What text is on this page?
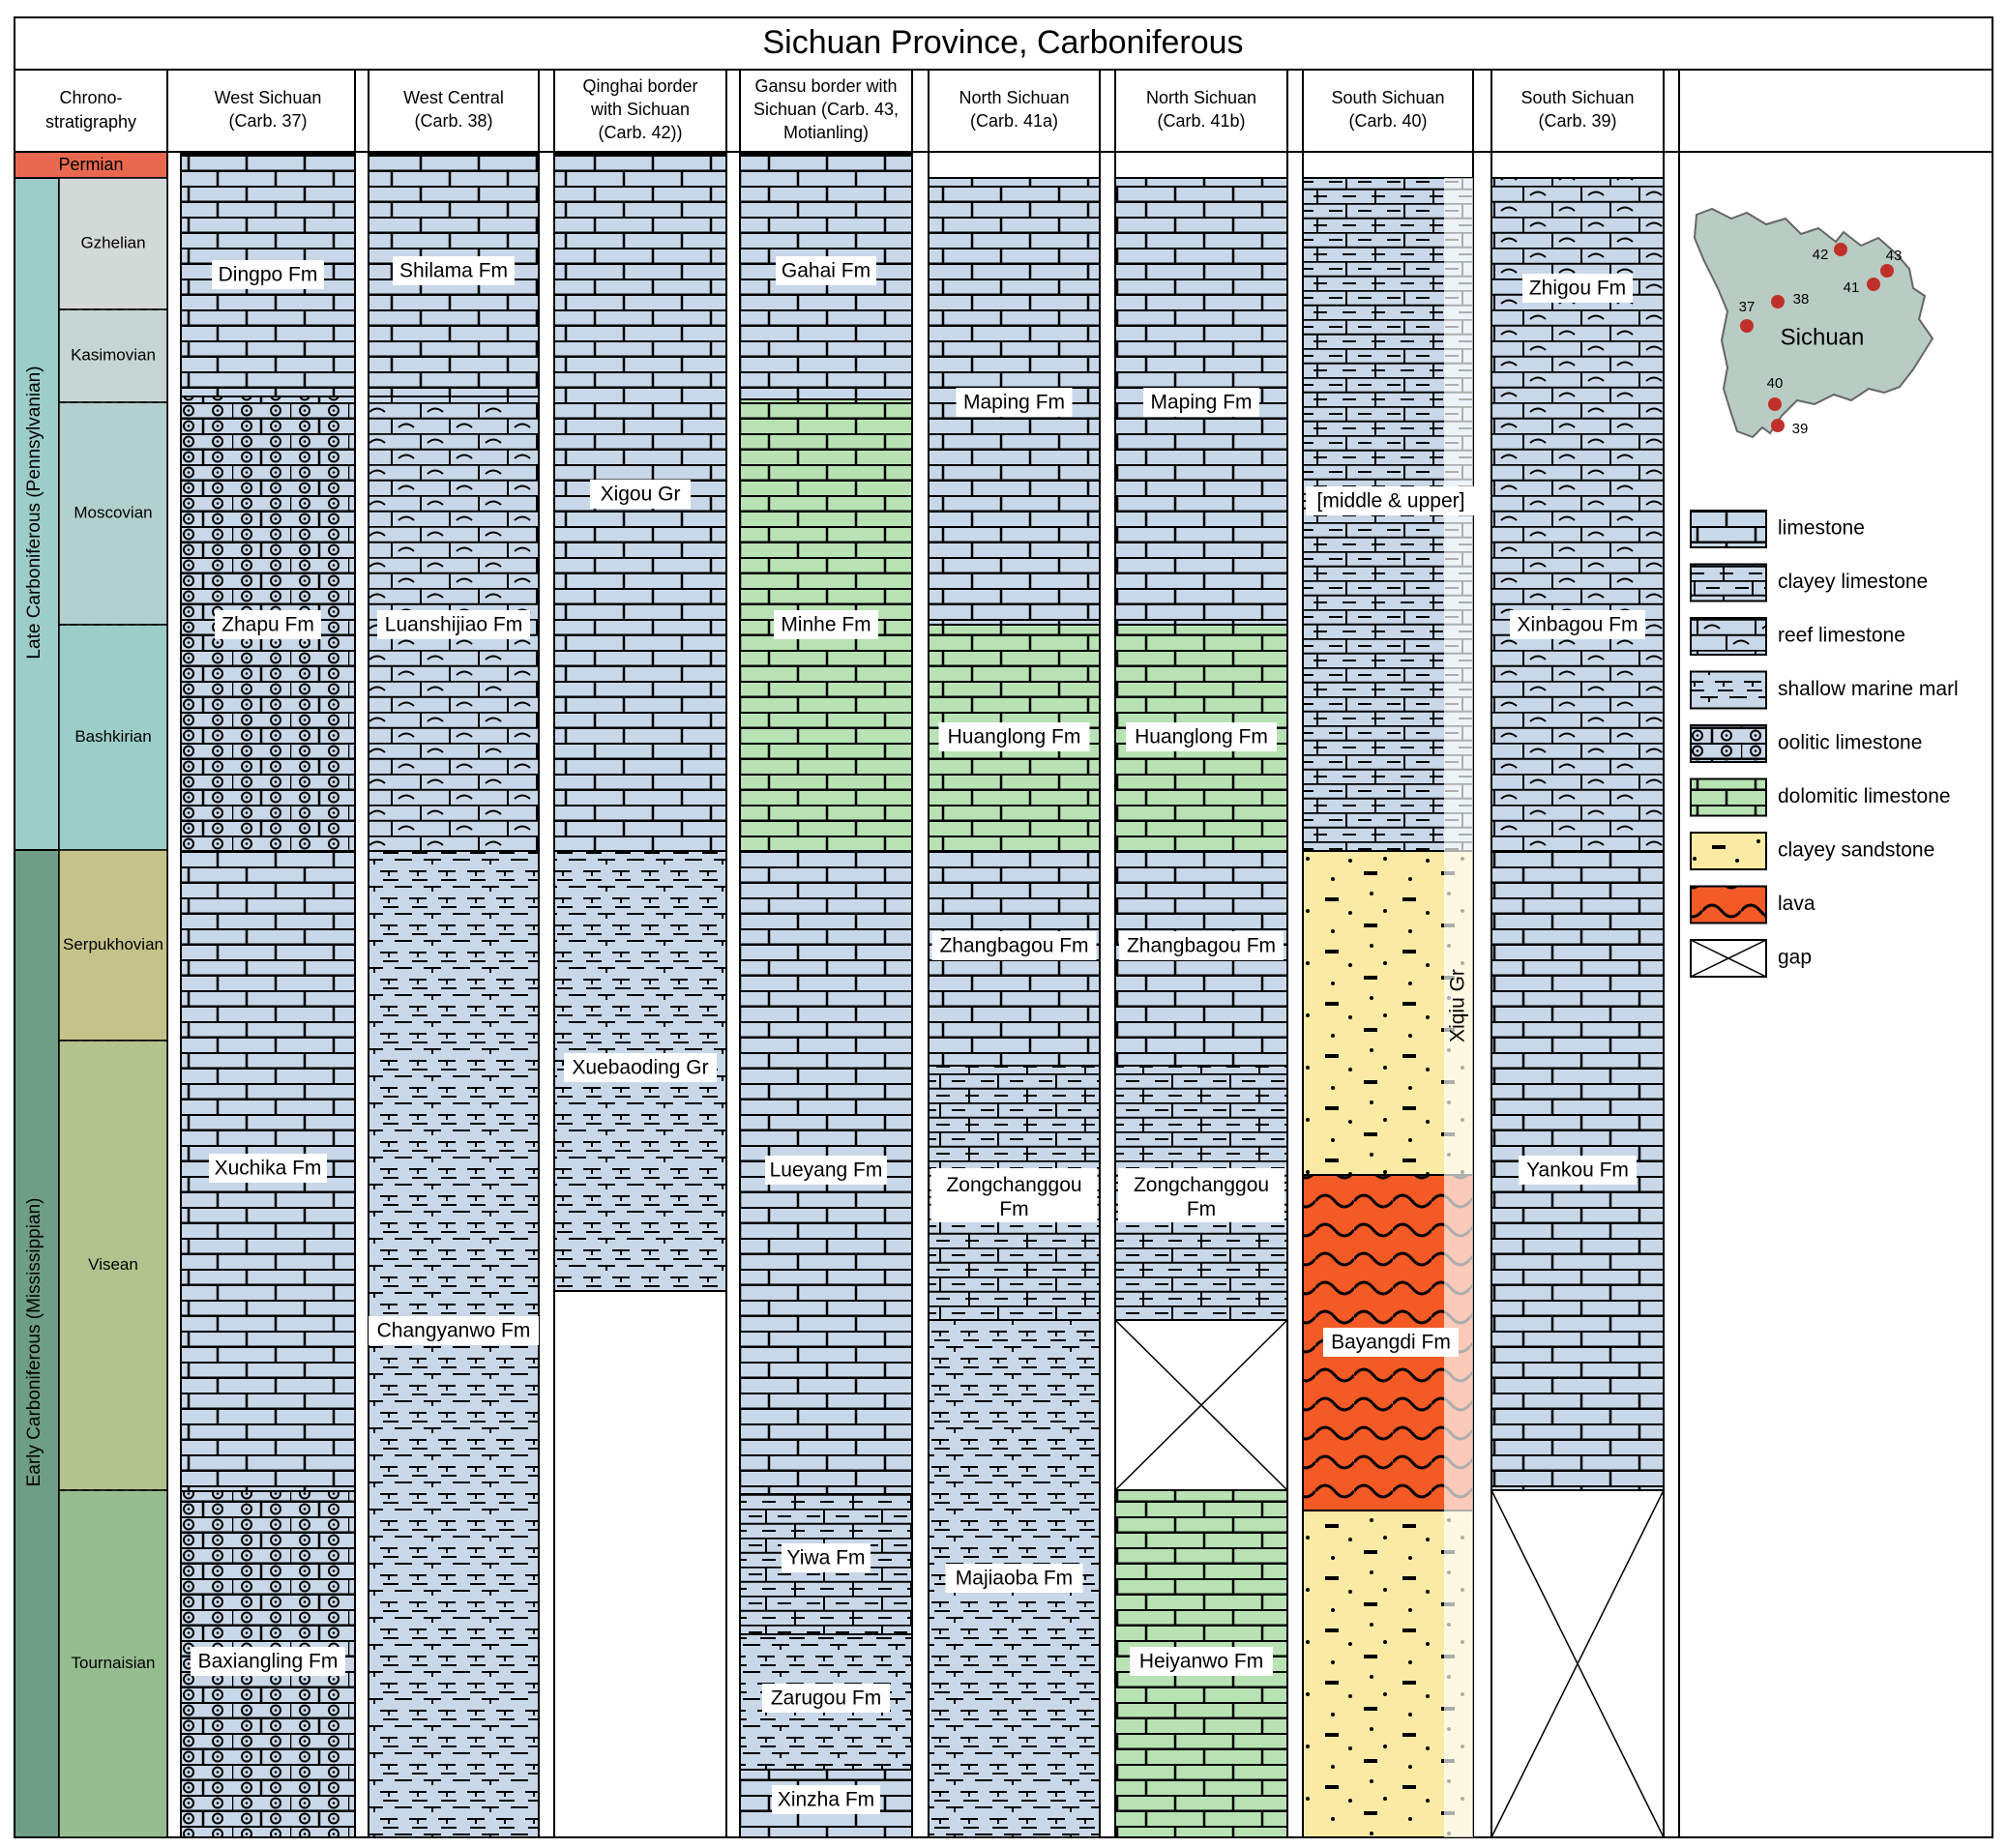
Sichuan Province, Carboniferous
Chrono-
stratigraphy
West Sichuan
(Carb. 37)
West Central
(Carb. 38)
Qinghai border
with Sichuan
(Carb. 42))
Gansu border with
Sichuan (Carb. 43,
Motianling)
North Sichuan
(Carb. 41a)
North Sichuan
(Carb. 41b)
South Sichuan
(Carb. 40)
South Sichuan
(Carb. 39)
Permian
Late Carboniferous (Pennsylvanian)
Early Carboniferous (Mississippian)
Gzhelian
Kasimovian
Moscovian
Bashkirian
Serpukhovian
Visean
Tournaisian
Dingpo Fm
Zhapu Fm
Xuchika Fm
Baxiangling Fm
Shilama Fm
Luanshijiao Fm
Changyanwo Fm
Xigou Gr
Xuebaoding Gr
Gahai Fm
Minhe Fm
Lueyang Fm
Yiwa Fm
Zarugou Fm
Xinzha Fm
Maping Fm
Huanglong Fm
Zhangbagou Fm
Zongchanggou Fm
Majiaoba Fm
Maping Fm
Huanglong Fm
Zhangbagou Fm
Zongchanggou Fm
Heiyanwo Fm
[middle & upper]
Bayangdi Fm
Zhigou Fm
Xinbagou Fm
Yankou Fm
Xiqiu Gr
Sichuan
42	43
41
38
37
40
39
limestone
clayey limestone
reef limestone
shallow marine marl
oolitic limestone
dolomitic limestone
clayey sandstone
lava
gap
